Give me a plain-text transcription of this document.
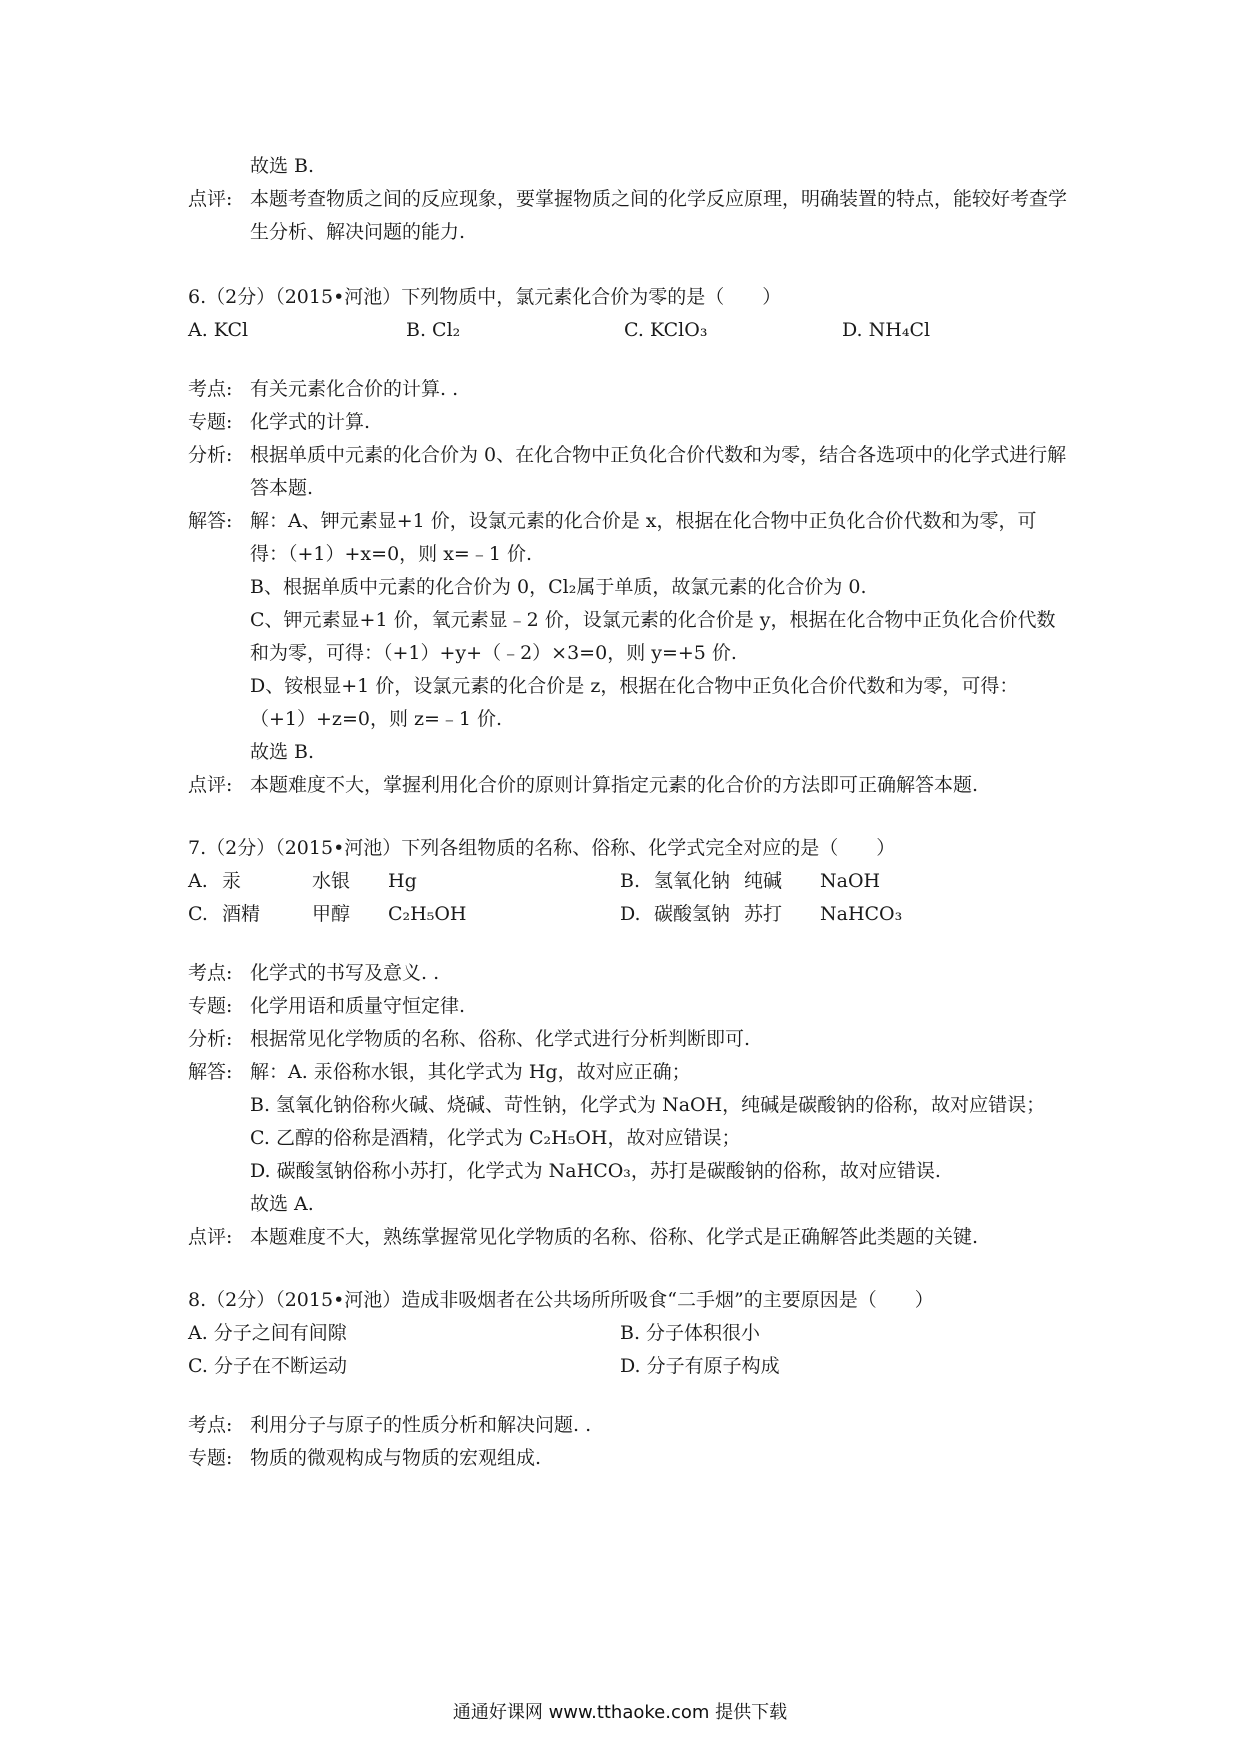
故选 B.
点评: 本题考查物质之间的反应现象，要掌握物质之间的化学反应原理，明确装置的特点，能较好考查学生分析、解决问题的能力.
6.（2分）（2015•河池）下列物质中，氯元素化合价为零的是（　　）
A. KCl	B. Cl₂	C. KClO₃	D. NH₄Cl
考点: 有关元素化合价的计算. .
专题: 化学式的计算.
分析: 根据单质中元素的化合价为 0、在化合物中正负化合价代数和为零，结合各选项中的化学式进行解答本题.
解答: 解：A、钾元素显+1 价，设氯元素的化合价是 x，根据在化合物中正负化合价代数和为零，可得：（+1）+x=0，则 x=﹣1 价.
B、根据单质中元素的化合价为 0，Cl₂属于单质，故氯元素的化合价为 0.
C、钾元素显+1 价，氧元素显﹣2 价，设氯元素的化合价是 y，根据在化合物中正负化合价代数和为零，可得：（+1）+y+（﹣2）×3=0，则 y=+5 价.
D、铵根显+1 价，设氯元素的化合价是 z，根据在化合物中正负化合价代数和为零，可得：（+1）+z=0，则 z=﹣1 价.
故选 B.
点评: 本题难度不大，掌握利用化合价的原则计算指定元素的化合价的方法即可正确解答本题.
7.（2分）（2015•河池）下列各组物质的名称、俗称、化学式完全对应的是（　　）
A. 汞	水银	Hg	B. 氢氧化钠 纯碱	NaOH
C. 酒精	甲醇	C₂H₅OH	D. 碳酸氢钠 苏打	NaHCO₃
考点: 化学式的书写及意义. .
专题: 化学用语和质量守恒定律.
分析: 根据常见化学物质的名称、俗称、化学式进行分析判断即可.
解答: 解：A. 汞俗称水银，其化学式为 Hg，故对应正确；
B. 氢氧化钠俗称火碱、烧碱、苛性钠，化学式为 NaOH，纯碱是碳酸钠的俗称，故对应错误；
C. 乙醇的俗称是酒精，化学式为 C₂H₅OH，故对应错误；
D. 碳酸氢钠俗称小苏打，化学式为 NaHCO₃，苏打是碳酸钠的俗称，故对应错误.
故选 A.
点评: 本题难度不大，熟练掌握常见化学物质的名称、俗称、化学式是正确解答此类题的关键.
8.（2分）（2015•河池）造成非吸烟者在公共场所所吸食“二手烟”的主要原因是（　　）
A. 分子之间有间隙	B. 分子体积很小
C. 分子在不断运动	D. 分子有原子构成
考点: 利用分子与原子的性质分析和解决问题. .
专题: 物质的微观构成与物质的宏观组成.
通通好课网 www.tthaoke.com 提供下载
